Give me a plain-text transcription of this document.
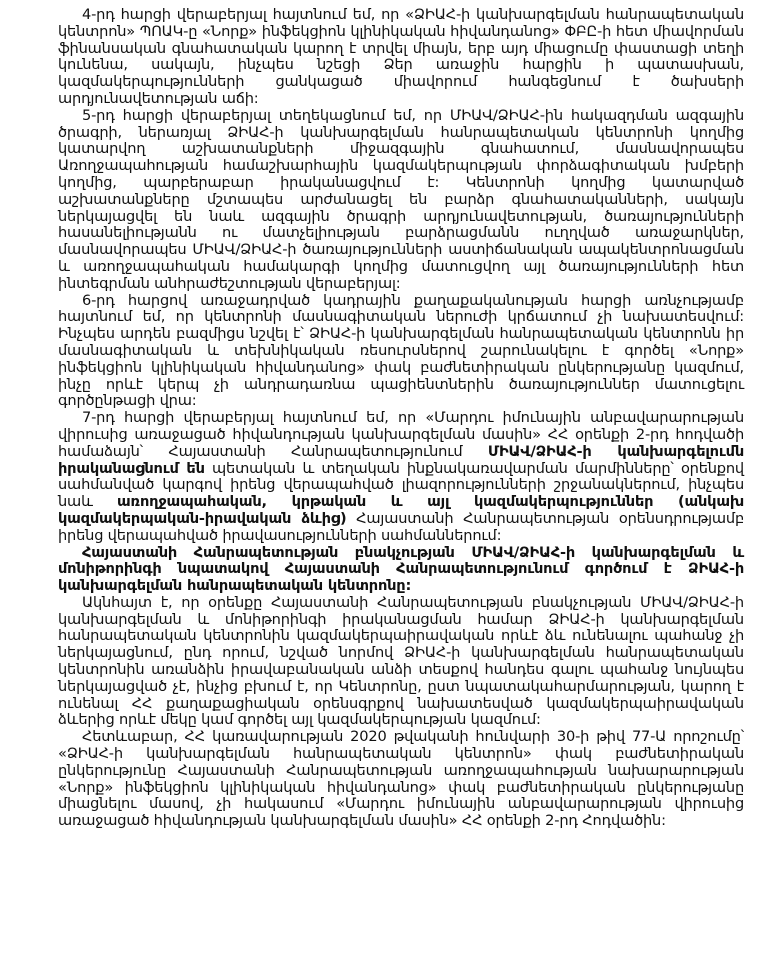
4-րդ հարցի վերաբերյալ հայտնում եմ, որ «ՁԻԱՀ-ի կանխարգելման հանրապետական կենտրոն» ՊՈԱԿ-ը «Նորք» ինֆեկցիոն կլինիկական հիվանդանոց» ՓԲԸ-ի հետ միավորման ֆինանսական գնահատական կարող է տրվել միայն, երբ այդ միացումը փաստացի տեղի կունենա, սակայն, ինչպես նշեցի Ձեր առաջին հարցին ի պատասխան, կազմակերպությունների ցանկացած միավորում հանգեցնում է ծախսերի արդյունավետության աճի:

5-րդ հարցի վերաբերյալ տեղեկացնում եմ, որ ՄԻԱՎ/ՁԻԱՀ-ին հակազդման ազգային ծրագրի, ներառյալ ՁԻԱՀ-ի կանխարգելման հանրապետական կենտրոնի կողմից կատարվող աշխատանքների միջազգային գնահատում, մասնավորապես Առողջապահության համաշխարհային կազմակերպության փորձագիտական խմբերի կողմից, պարբերաբար իրականացվում է: Կենտրոնի կողմից կատարված աշխատանքները մշտապես արժանացել են բարձր գնահատականների, սակայն ներկայացվել են նաև ազգային ծրագրի արդյունավետության, ծառայությունների հասանելիությանն ու մատչելիության բարձրացմանն ուղղված առաջարկներ, մասնավորապես ՄԻԱՎ/ՁԻԱՀ-ի ծառայությունների աստիճանական ապակենտրոնացման և առողջապահական համակարգի կողմից մատուցվող այլ ծառայությունների հետ ինտեգրման անհրաժեշտության վերաբերյալ:

6-րդ հարցով առաջադրված կադրային քաղաքականության հարցի առնչությամբ հայտնում եմ, որ կենտրոնի մասնագիտական ներուժի կրճատում չի նախատեսվում: Ինչպես արդեն բազմիցս նշվել է՝ ՁԻԱՀ-ի կանխարգելման հանրապետական կենտրոնն իր մասնագիտական և տեխնիկական ռեսուրսներով շարունակելու է գործել «Նորք» ինֆեկցիոն կլինիկական հիվանդանոց» փակ բաժնետիրական ընկերությանը կազմում, ինչը որևէ կերպ չի անդրադառնա պացիենտներին ծառայություններ մատուցելու գործընթացի վրա:

7-րդ հարցի վերաբերյալ հայտնում եմ, որ «Մարդու իմունային անբավարարության վիրուսից առաջացած հիվանդության կանխարգելման մասին» ՀՀ օրենքի 2-րդ հոդվածի համաձայն՝ Հայաստանի Հանրապետությունում ՄԻԱՎ/ՁԻԱՀ-ի կանխարգելումն իրականացնում են պետական և տեղական ինքնակառավարման մարմինները՝ օրենքով սահմանված կարգով իրենց վերապահված լիազորությունների շրջանակներում, ինչպես նաև առողջապահական, կրթական և այլ կազմակերպություններ (անկախ կազմակերպական-իրավական ձևից) Հայաստանի Հանրապետության օրենսդրությամբ իրենց վերապահված իրավասությունների սահմաններում:

Հայաստանի Հանրապետության բնակչության ՄԻԱՎ/ՁԻԱՀ-ի կանխարգելման և մոնիթորինգի նպատակով Հայաստանի Հանրապետությունում գործում է ՁԻԱՀ-ի կանխարգելման հանրապետական կենտրոնը:

Ակնհայտ է, որ օրենքը Հայաստանի Հանրապետության բնակչության ՄԻԱՎ/ՁԻԱՀ-ի կանխարգելման և մոնիթորինգի իրականացման համար ՁԻԱՀ-ի կանխարգելման հանրապետական կենտրոնին կազմակերպաիրավական որևէ ձև ունենալու պահանջ չի ներկայացնում, ընդ որում, նշված նորմով ՁԻԱՀ-ի կանխարգելման հանրապետական կենտրոնին առանձին իրավաբանական անձի տեսքով հանդես գալու պահանջ նույնպես ներկայացված չէ, ինչից բխում է, որ Կենտրոնը, ըստ նպատակահարմարության, կարող է ունենալ ՀՀ քաղաքացիական օրենսգրքով նախատեսված կազմակերպաիրավական ձևերից որևէ մեկը կամ գործել այլ կազմակերպության կազմում:

Հետևաբար, ՀՀ կառավարության 2020 թվականի հունվարի 30-ի թիվ 77-Ա որոշումը՝ «ՁԻԱՀ-ի կանխարգելման հանրապետական կենտրոն» փակ բաժնետիրական ընկերությունը Հայաստանի Հանրապետության առողջապահության նախարարության «Նորք» ինֆեկցիոն կլինիկական հիվանդանոց» փակ բաժնետիրական ընկերությանը միացնելու մասով, չի հակասում «Մարդու իմունային անբավարարության վիրուսից առաջացած հիվանդության կանխարգելման մասին» ՀՀ օրենքի 2-րդ Հոդվածին:
